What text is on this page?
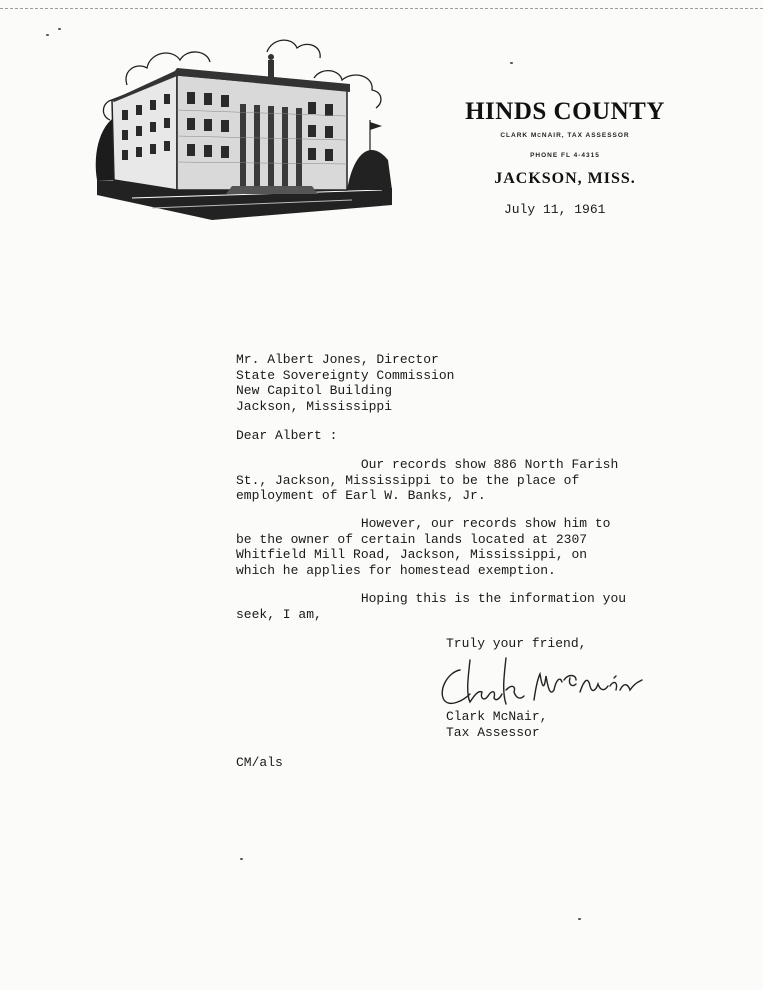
HINDS COUNTY
CLARK McNAIR, TAX ASSESSOR
PHONE FL 4-4315
JACKSON, MISS.
July 11, 1961
Mr. Albert Jones, Director
State Sovereignty Commission
New Capitol Building
Jackson, Mississippi
Dear Albert :
Our records show 886 North Farish
St., Jackson, Mississippi to be the place of
employment of Earl W. Banks, Jr.
However, our records show him to
be the owner of certain lands located at 2307
Whitfield Mill Road, Jackson, Mississippi, on
which he applies for homestead exemption.
Hoping this is the information you
seek, I am,
Truly your friend,
Clark McNair,
Tax Assessor
CM/als
